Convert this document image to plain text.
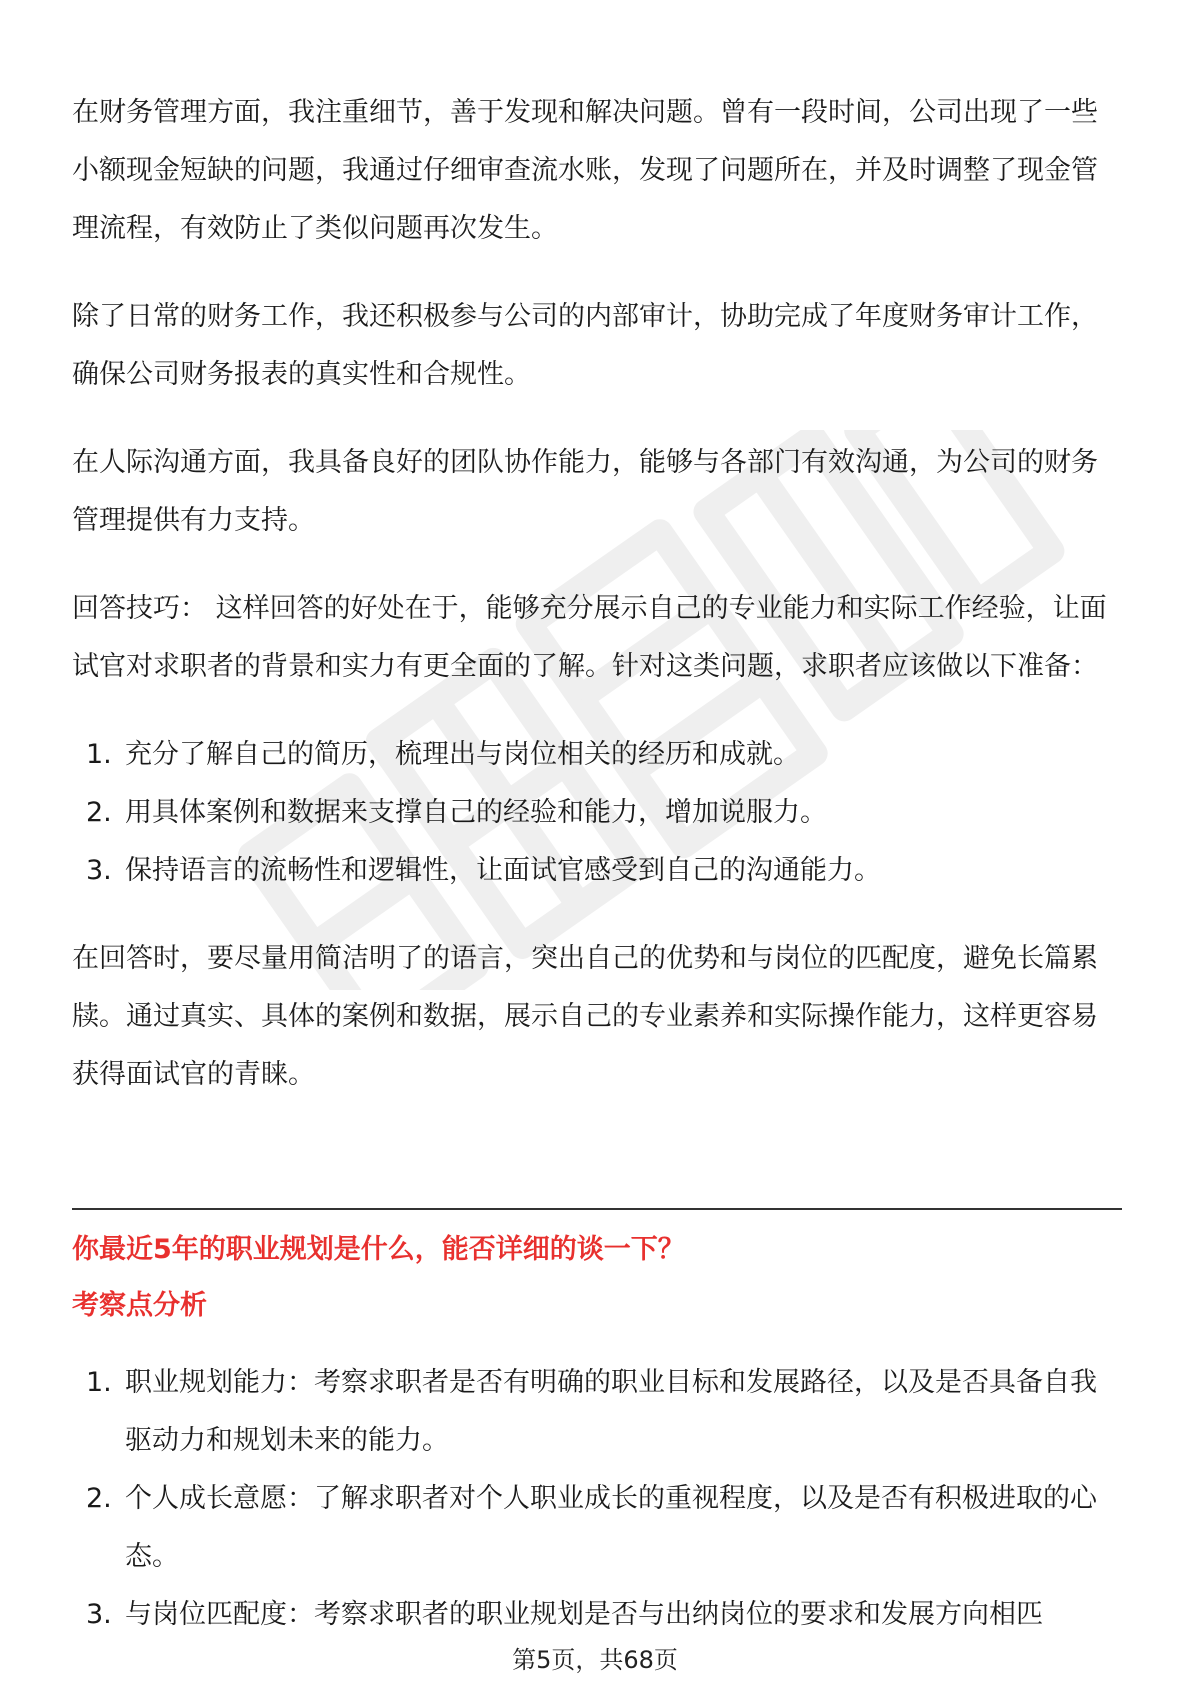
在财务管理方面，我注重细节，善于发现和解决问题。曾有一段时间，公司出现了一些小额现金短缺的问题，我通过仔细审查流水账，发现了问题所在，并及时调整了现金管理流程，有效防止了类似问题再次发生。

除了日常的财务工作，我还积极参与公司的内部审计，协助完成了年度财务审计工作，确保公司财务报表的真实性和合规性。

在人际沟通方面，我具备良好的团队协作能力，能够与各部门有效沟通，为公司的财务管理提供有力支持。

回答技巧： 这样回答的好处在于，能够充分展示自己的专业能力和实际工作经验，让面试官对求职者的背景和实力有更全面的了解。针对这类问题，求职者应该做以下准备：

1. 充分了解自己的简历，梳理出与岗位相关的经历和成就。
2. 用具体案例和数据来支撑自己的经验和能力，增加说服力。
3. 保持语言的流畅性和逻辑性，让面试官感受到自己的沟通能力。

在回答时，要尽量用简洁明了的语言，突出自己的优势和与岗位的匹配度，避免长篇累牍。通过真实、具体的案例和数据，展示自己的专业素养和实际操作能力，这样更容易获得面试官的青睐。

你最近5年的职业规划是什么，能否详细的谈一下？

考察点分析

1. 职业规划能力：考察求职者是否有明确的职业目标和发展路径，以及是否具备自我驱动力和规划未来的能力。
2. 个人成长意愿：了解求职者对个人职业成长的重视程度，以及是否有积极进取的心态。
3. 与岗位匹配度：考察求职者的职业规划是否与出纳岗位的要求和发展方向相匹
第5页，共68页
